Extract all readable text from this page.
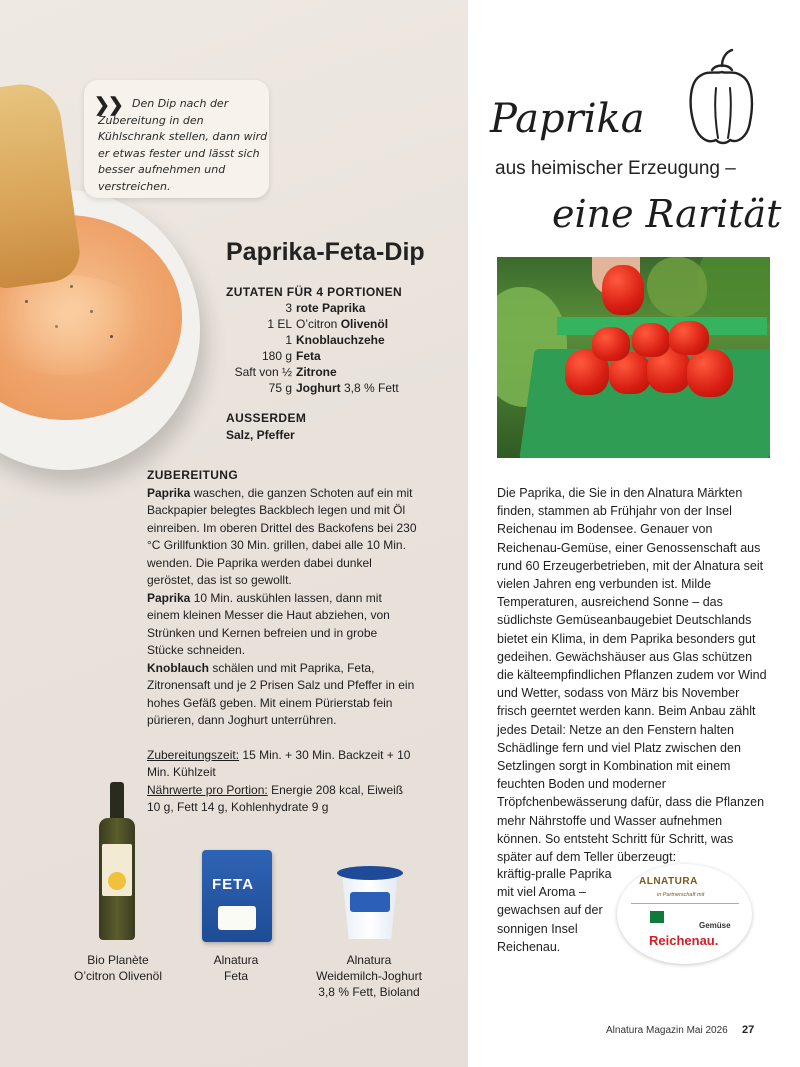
❯❯ Den Dip nach der Zubereitung in den Kühlschrank stellen, dann wird er etwas fester und lässt sich besser aufnehmen und verstreichen.

Paprika-Feta-Dip
ZUTATEN FÜR 4 PORTIONEN
3 rote Paprika
1 EL O’citron Olivenöl
1 Knoblauchzehe
180 g Feta
Saft von ½ Zitrone
75 g Joghurt 3,8 % Fett
AUSSERDEM
Salz, Pfeffer

ZUBEREITUNG

Paprika waschen, die ganzen Schoten auf ein mit Backpapier belegtes Backblech legen und mit Öl einreiben. Im oberen Drittel des Backofens bei 230 °C Grillfunktion 30 Min. grillen, dabei alle 10 Min. wenden. Die Paprika werden dabei dunkel geröstet, das ist so gewollt.

Paprika 10 Min. auskühlen lassen, dann mit einem kleinen Messer die Haut abziehen, von Strünken und Kernen befreien und in grobe Stücke schneiden.

Knoblauch schälen und mit Paprika, Feta, Zitronensaft und je 2 Prisen Salz und Pfeffer in ein hohes Gefäß geben. Mit einem Pürierstab fein pürieren, dann Joghurt unterrühren.

Zubereitungszeit: 15 Min. + 30 Min. Backzeit + 10 Min. Kühlzeit

Nährwerte pro Portion: Energie 208 kcal, Eiweiß 10 g, Fett 14 g, Kohlenhydrate 9 g

FETA
Bio Planète
O’citron Olivenöl
Alnatura
Feta
Alnatura
Weidemilch-Joghurt
3,8 % Fett, Bioland
Paprika
aus heimischer Erzeugung –
eine Rarität
Die Paprika, die Sie in den Alnatura Märkten finden, stammen ab Frühjahr von der Insel Reichenau im Bodensee. Genauer von Reichenau-Gemüse, einer Genossenschaft aus rund 60 Erzeugerbetrieben, mit der Alnatura seit vielen Jahren eng verbunden ist. Milde Temperaturen, ausreichend Sonne – das südlichste Gemüseanbaugebiet Deutschlands bietet ein Klima, in dem Paprika besonders gut gedeihen. Gewächshäuser aus Glas schützen die kälteempfindlichen Pflanzen zudem vor Wind und Wetter, sodass von März bis November frisch geerntet werden kann. Beim Anbau zählt jedes Detail: Netze an den Fenstern halten Schädlinge fern und viel Platz zwischen den Setzlingen sorgt in Kombination mit einem feuchten Boden und moderner Tröpfchenbewässerung dafür, dass die Pflanzen mehr Nährstoffe und Wasser aufnehmen können. So entsteht Schritt für Schritt, was später auf dem Teller überzeugt:
kräftig-pralle Paprika mit viel Aroma – gewachsen auf der sonnigen Insel Reichenau.
ALNATURA
in Partnerschaft mit
Gemüse
Reichenau.
Alnatura Magazin Mai 2026 27
